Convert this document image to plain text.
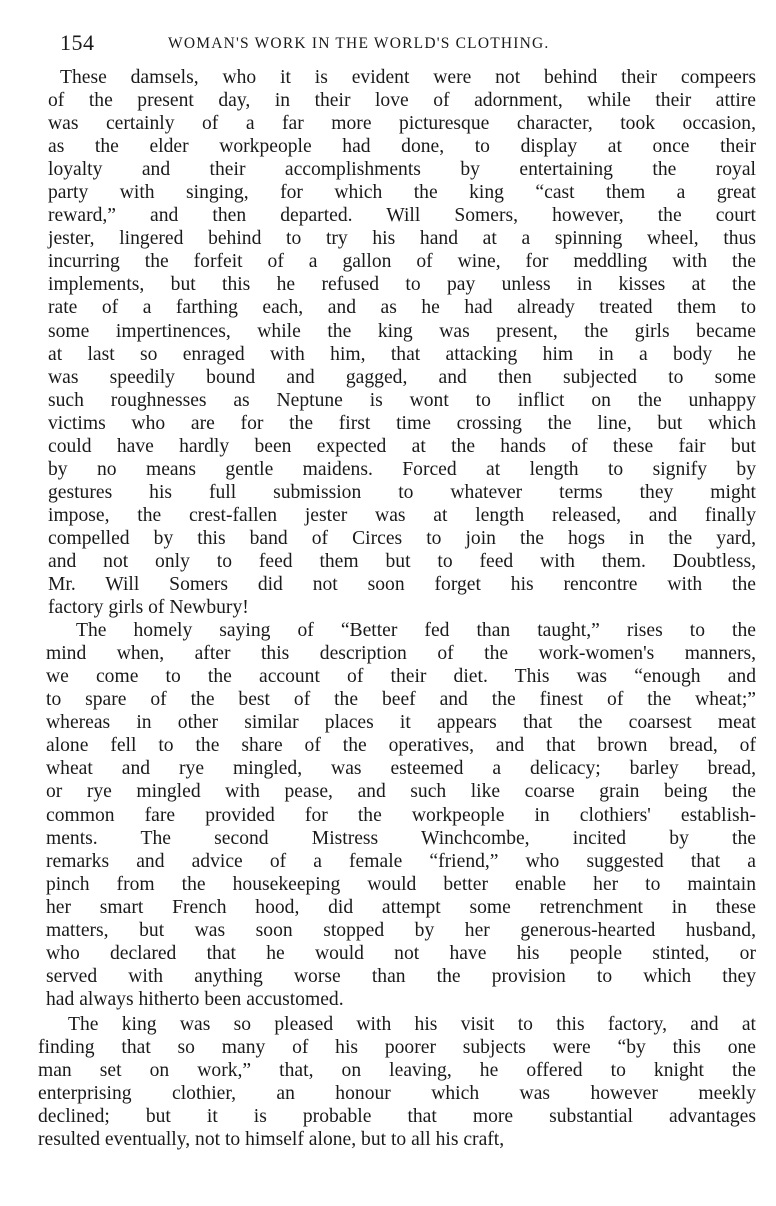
154	WOMAN'S WORK IN THE WORLD'S CLOTHING.
These damsels, who it is evident were not behind their compeers
of the present day, in their love of adornment, while their attire
was certainly of a far more picturesque character, took occasion,
as the elder workpeople had done, to display at once their
loyalty and their accomplishments by entertaining the royal
party with singing, for which the king “cast them a great
reward,” and then departed. Will Somers, however, the court
jester, lingered behind to try his hand at a spinning wheel, thus
incurring the forfeit of a gallon of wine, for meddling with the
implements, but this he refused to pay unless in kisses at the
rate of a farthing each, and as he had already treated them to
some impertinences, while the king was present, the girls became
at last so enraged with him, that attacking him in a body he
was speedily bound and gagged, and then subjected to some
such roughnesses as Neptune is wont to inflict on the unhappy
victims who are for the first time crossing the line, but which
could have hardly been expected at the hands of these fair but
by no means gentle maidens. Forced at length to signify by
gestures his full submission to whatever terms they might
impose, the crest-fallen jester was at length released, and finally
compelled by this band of Circes to join the hogs in the yard,
and not only to feed them but to feed with them. Doubtless,
Mr. Will Somers did not soon forget his rencontre with the
factory girls of Newbury!
The homely saying of “Better fed than taught,” rises to the
mind when, after this description of the work-women's manners,
we come to the account of their diet. This was “enough and
to spare of the best of the beef and the finest of the wheat;”
whereas in other similar places it appears that the coarsest meat
alone fell to the share of the operatives, and that brown bread, of
wheat and rye mingled, was esteemed a delicacy; barley bread,
or rye mingled with pease, and such like coarse grain being the
common fare provided for the workpeople in clothiers' establish-
ments. The second Mistress Winchcombe, incited by the
remarks and advice of a female “friend,” who suggested that a
pinch from the housekeeping would better enable her to maintain
her smart French hood, did attempt some retrenchment in these
matters, but was soon stopped by her generous-hearted husband,
who declared that he would not have his people stinted, or
served with anything worse than the provision to which they
had always hitherto been accustomed.
The king was so pleased with his visit to this factory, and at
finding that so many of his poorer subjects were “by this one
man set on work,” that, on leaving, he offered to knight the
enterprising clothier, an honour which was however meekly
declined; but it is probable that more substantial advantages
resulted eventually, not to himself alone, but to all his craft,
